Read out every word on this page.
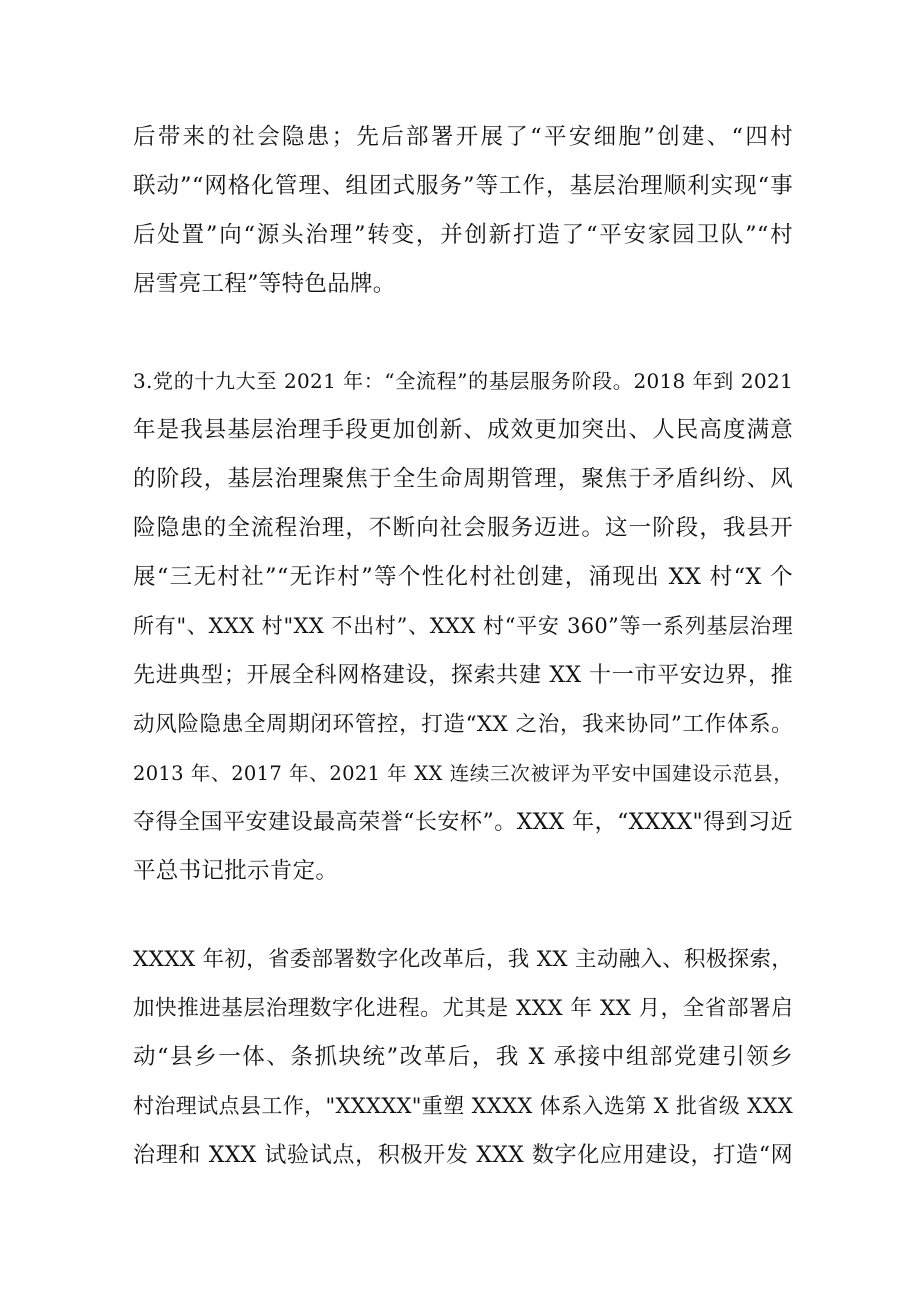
后带来的社会隐患；先后部署开展了“平安细胞”创建、“四村
联动”“网格化管理、组团式服务”等工作，基层治理顺利实现“事
后处置”向“源头治理”转变，并创新打造了“平安家园卫队”“村
居雪亮工程”等特色品牌。
3.党的十九大至 2021 年：“全流程”的基层服务阶段。2018 年到 2021
年是我县基层治理手段更加创新、成效更加突出、人民高度满意
的阶段，基层治理聚焦于全生命周期管理，聚焦于矛盾纠纷、风
险隐患的全流程治理，不断向社会服务迈进。这一阶段，我县开
展“三无村社”“无诈村”等个性化村社创建，涌现出 XX 村“X 个
所有"、XXX 村"XX 不出村”、XXX 村“平安 360”等一系列基层治理
先进典型；开展全科网格建设，探索共建 XX 十一市平安边界，推
动风险隐患全周期闭环管控，打造“XX 之治，我来协同”工作体系。
2013 年、2017 年、2021 年 XX 连续三次被评为平安中国建设示范县，
夺得全国平安建设最高荣誉“长安杯”。XXX 年，“XXXX"得到习近
平总书记批示肯定。
XXXX 年初，省委部署数字化改革后，我 XX 主动融入、积极探索，
加快推进基层治理数字化进程。尤其是 XXX 年 XX 月，全省部署启
动“县乡一体、条抓块统”改革后，我 X 承接中组部党建引领乡
村治理试点县工作，"XXXXX"重塑 XXXX 体系入选第 X 批省级 XXX
治理和 XXX 试验试点，积极开发 XXX 数字化应用建设，打造“网
